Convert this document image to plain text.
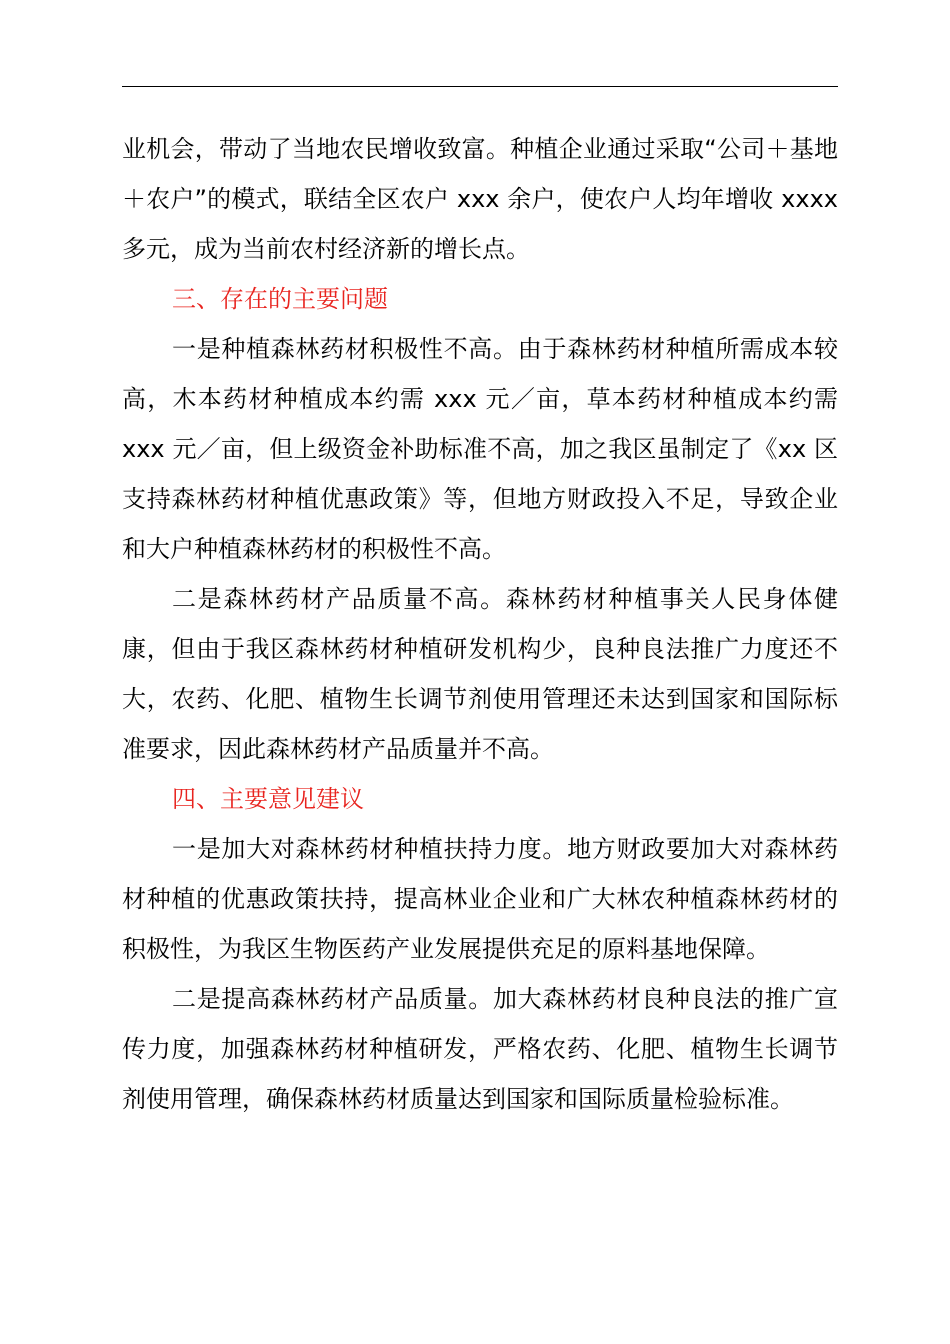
业机会，带动了当地农民增收致富。种植企业通过采取“公司＋基地＋农户”的模式，联结全区农户 xxx 余户，使农户人均年增收 xxxx 多元，成为当前农村经济新的增长点。

三、存在的主要问题

一是种植森林药材积极性不高。由于森林药材种植所需成本较高，木本药材种植成本约需 xxx 元／亩，草本药材种植成本约需 xxx 元／亩，但上级资金补助标准不高，加之我区虽制定了《xx 区支持森林药材种植优惠政策》等，但地方财政投入不足，导致企业和大户种植森林药材的积极性不高。

二是森林药材产品质量不高。森林药材种植事关人民身体健康，但由于我区森林药材种植研发机构少，良种良法推广力度还不大，农药、化肥、植物生长调节剂使用管理还未达到国家和国际标准要求，因此森林药材产品质量并不高。

四、主要意见建议

一是加大对森林药材种植扶持力度。地方财政要加大对森林药材种植的优惠政策扶持，提高林业企业和广大林农种植森林药材的积极性，为我区生物医药产业发展提供充足的原料基地保障。

二是提高森林药材产品质量。加大森林药材良种良法的推广宣传力度，加强森林药材种植研发，严格农药、化肥、植物生长调节剂使用管理，确保森林药材质量达到国家和国际质量检验标准。
